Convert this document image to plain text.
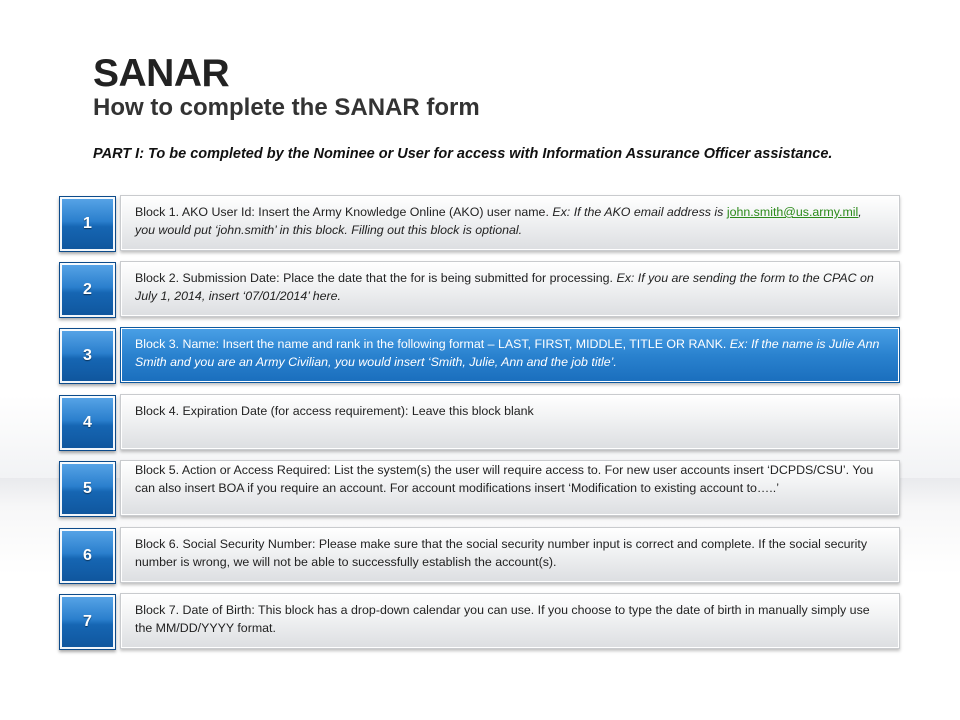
SANAR
How to complete the SANAR form

PART I: To be completed by the Nominee or User for access with Information Assurance Officer assistance.

1
Block 1. AKO User Id: Insert the Army Knowledge Online (AKO) user name. Ex: If the AKO email address is john.smith@us.army.mil, you would put ‘john.smith’ in this block. Filling out this block is optional.
2
Block 2. Submission Date: Place the date that the for is being submitted for processing. Ex: If you are sending the form to the CPAC on July 1, 2014, insert ‘07/01/2014’ here.
3
Block 3. Name: Insert the name and rank in the following format – LAST, FIRST, MIDDLE, TITLE OR RANK. Ex: If the name is Julie Ann Smith and you are an Army Civilian, you would insert ‘Smith, Julie, Ann and the job title’.
4
Block 4. Expiration Date (for access requirement): Leave this block blank
5
Block 5. Action or Access Required: List the system(s) the user will require access to. For new user accounts insert ‘DCPDS/CSU’. You can also insert BOA if you require an account. For account modifications insert ‘Modification to existing account to…..’
6
Block 6. Social Security Number: Please make sure that the social security number input is correct and complete. If the social security number is wrong, we will not be able to successfully establish the account(s).
7
Block 7. Date of Birth: This block has a drop-down calendar you can use. If you choose to type the date of birth in manually simply use the MM/DD/YYYY format.
